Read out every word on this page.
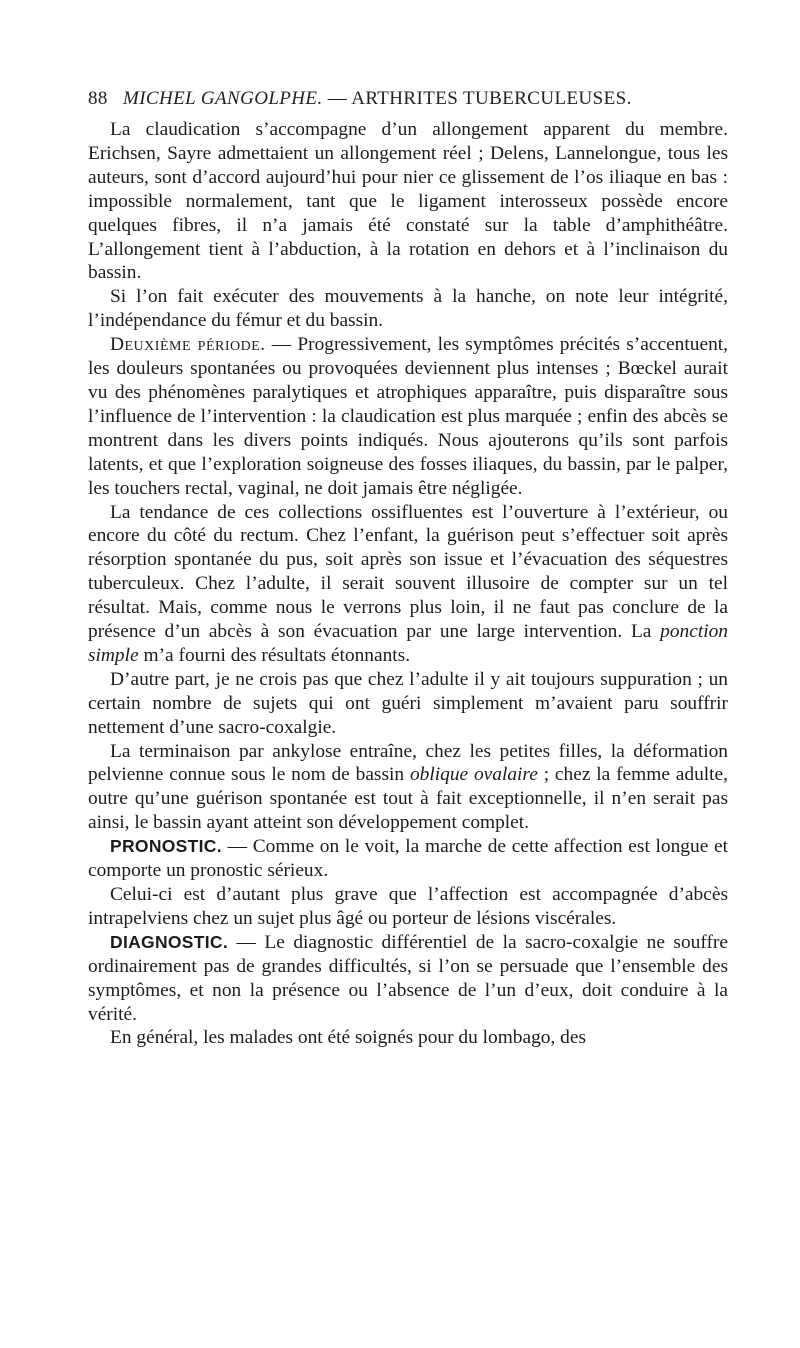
88 MICHEL GANGOLPHE. — ARTHRITES TUBERCULEUSES.

La claudication s’accompagne d’un allongement apparent du membre. Erichsen, Sayre admettaient un allongement réel ; Delens, Lannelongue, tous les auteurs, sont d’accord aujourd’hui pour nier ce glissement de l’os iliaque en bas : impossible normalement, tant que le ligament interosseux possède encore quelques fibres, il n’a jamais été constaté sur la table d’amphithéâtre. L’allongement tient à l’abduction, à la rotation en dehors et à l’inclinaison du bassin.

Si l’on fait exécuter des mouvements à la hanche, on note leur intégrité, l’indépendance du fémur et du bassin.

Deuxième période. — Progressivement, les symptômes précités s’accentuent, les douleurs spontanées ou provoquées deviennent plus intenses ; Bœckel aurait vu des phénomènes paralytiques et atrophiques apparaître, puis disparaître sous l’influence de l’intervention : la claudication est plus marquée ; enfin des abcès se montrent dans les divers points indiqués. Nous ajouterons qu’ils sont parfois latents, et que l’exploration soigneuse des fosses iliaques, du bassin, par le palper, les touchers rectal, vaginal, ne doit jamais être négligée.

La tendance de ces collections ossifluentes est l’ouverture à l’extérieur, ou encore du côté du rectum. Chez l’enfant, la guérison peut s’effectuer soit après résorption spontanée du pus, soit après son issue et l’évacuation des séquestres tuberculeux. Chez l’adulte, il serait souvent illusoire de compter sur un tel résultat. Mais, comme nous le verrons plus loin, il ne faut pas conclure de la présence d’un abcès à son évacuation par une large intervention. La ponction simple m’a fourni des résultats étonnants.

D’autre part, je ne crois pas que chez l’adulte il y ait toujours suppuration ; un certain nombre de sujets qui ont guéri simplement m’avaient paru souffrir nettement d’une sacro-coxalgie.

La terminaison par ankylose entraîne, chez les petites filles, la déformation pelvienne connue sous le nom de bassin oblique ovalaire ; chez la femme adulte, outre qu’une guérison spontanée est tout à fait exceptionnelle, il n’en serait pas ainsi, le bassin ayant atteint son développement complet.

PRONOSTIC. — Comme on le voit, la marche de cette affection est longue et comporte un pronostic sérieux.

Celui-ci est d’autant plus grave que l’affection est accompagnée d’abcès intrapelviens chez un sujet plus âgé ou porteur de lésions viscérales.

DIAGNOSTIC. — Le diagnostic différentiel de la sacro-coxalgie ne souffre ordinairement pas de grandes difficultés, si l’on se persuade que l’ensemble des symptômes, et non la présence ou l’absence de l’un d’eux, doit conduire à la vérité.

En général, les malades ont été soignés pour du lombago, des
